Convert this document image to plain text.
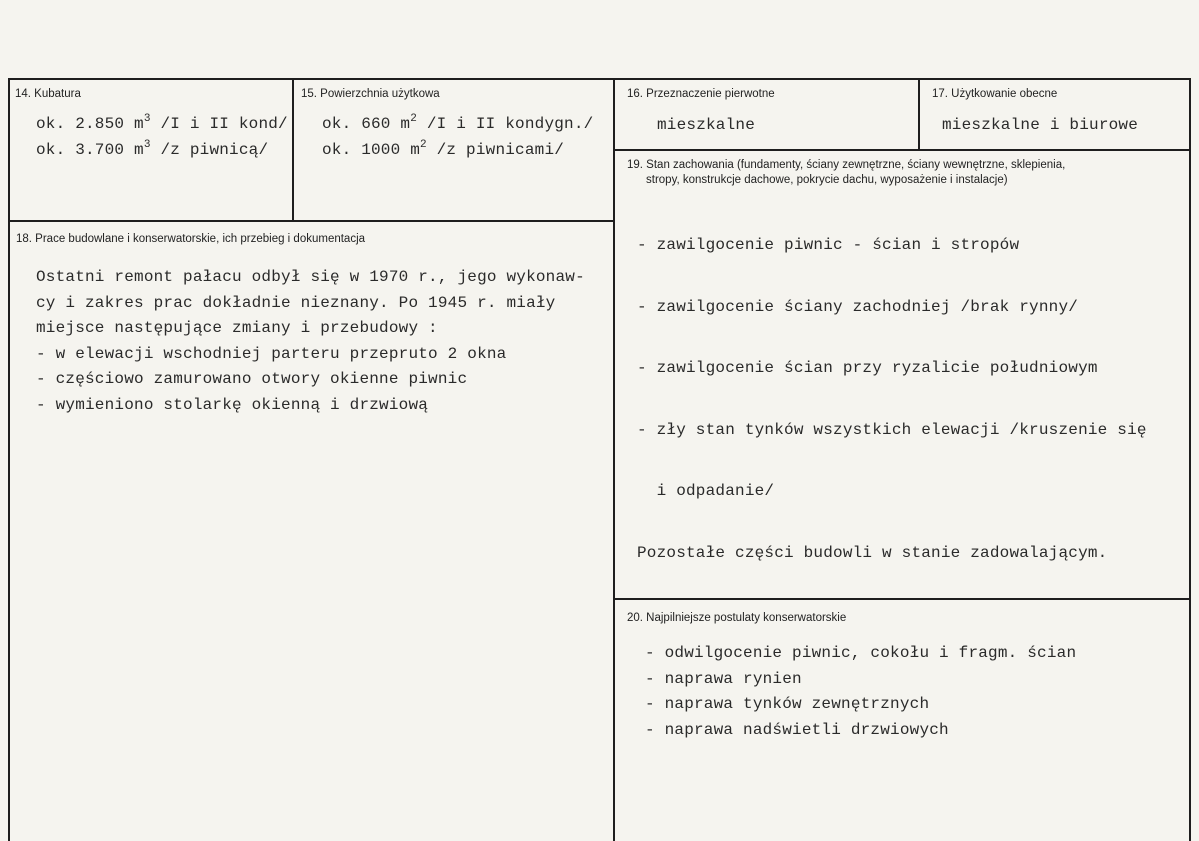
14. Kubatura
ok. 2.850 $m^3$ /I i II kond/
ok. 3.700 $m^3$ /z piwnicą/
15. Powierzchnia użytkowa
ok. 660 $m^2$ /I i II kondygn./
ok. 1000 $m^2$ /z piwnicami/
16. Przeznaczenie pierwotne
mieszkalne
17. Użytkowanie obecne
mieszkalne i biurowe
18. Prace budowlane i konserwatorskie, ich przebieg i dokumentacja
Ostatni remont pałacu odbył się w 1970 r., jego wykonaw-
cy i zakres prac dokładnie nieznany. Po 1945 r. miały
miejsce następujące zmiany i przebudowy :
- w elewacji wschodniej parteru przepruto 2 okna
- częściowo zamurowano otwory okienne piwnic
- wymieniono stolarkę okienną i drzwiową
19. Stan zachowania (fundamenty, ściany zewnętrzne, ściany wewnętrzne, sklepienia,
stropy, konstrukcje dachowe, pokrycie dachu, wyposażenie i instalacje)

- zawilgocenie piwnic - ścian i stropów

- zawilgocenie ściany zachodniej /brak rynny/

- zawilgocenie ścian przy ryzalicie południowym

- zły stan tynków wszystkich elewacji /kruszenie się

i odpadanie/

Pozostałe części budowli w stanie zadowalającym.

20. Najpilniejsze postulaty konserwatorskie
- odwilgocenie piwnic, cokołu i fragm. ścian
- naprawa rynien
- naprawa tynków zewnętrznych
- naprawa nadświetli drzwiowych
